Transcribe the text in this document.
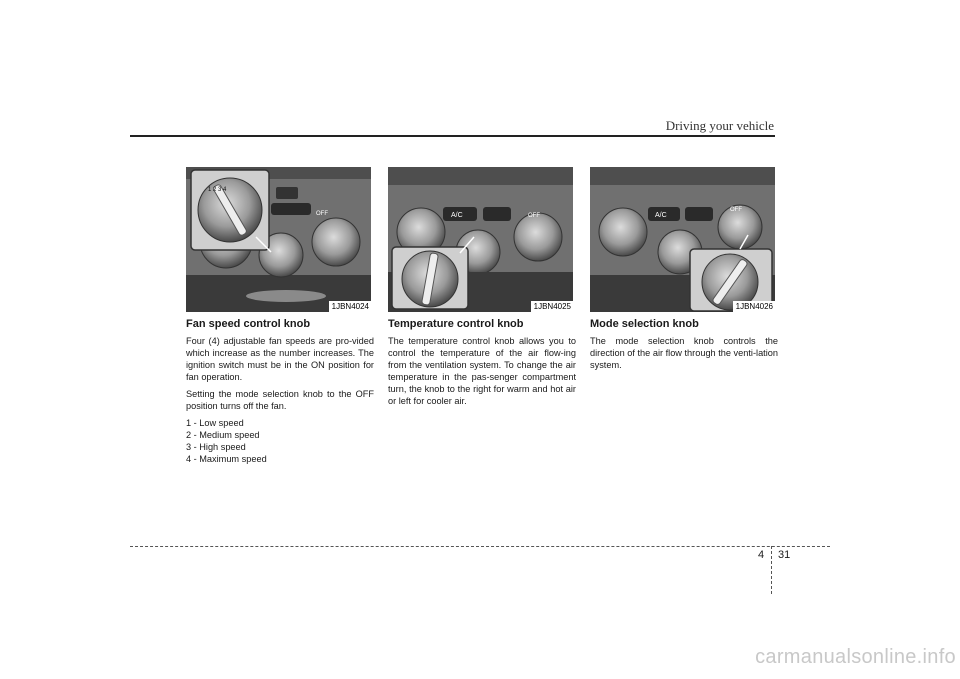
Driving your vehicle
OFF
1 2 3 4
1JBN4024
A/C	OFF
1JBN4025
A/C
OFF
1JBN4026
Fan speed control knob

Four (4) adjustable fan speeds are pro-vided which increase as the number increases. The ignition switch must be in the ON position for fan operation.

Setting the mode selection knob to the OFF position turns off the fan.

1 - Low speed

2 - Medium speed

3 - High speed

4 - Maximum speed

Temperature control knob

The temperature control knob allows you to control the temperature of the air flow-ing from the ventilation system. To change the air temperature in the pas-senger compartment turn, the knob to the right for warm and hot air or left for cooler air.

Mode selection knob

The mode selection knob controls the direction of the air flow through the venti-lation system.

4 31
carmanualsonline.info
